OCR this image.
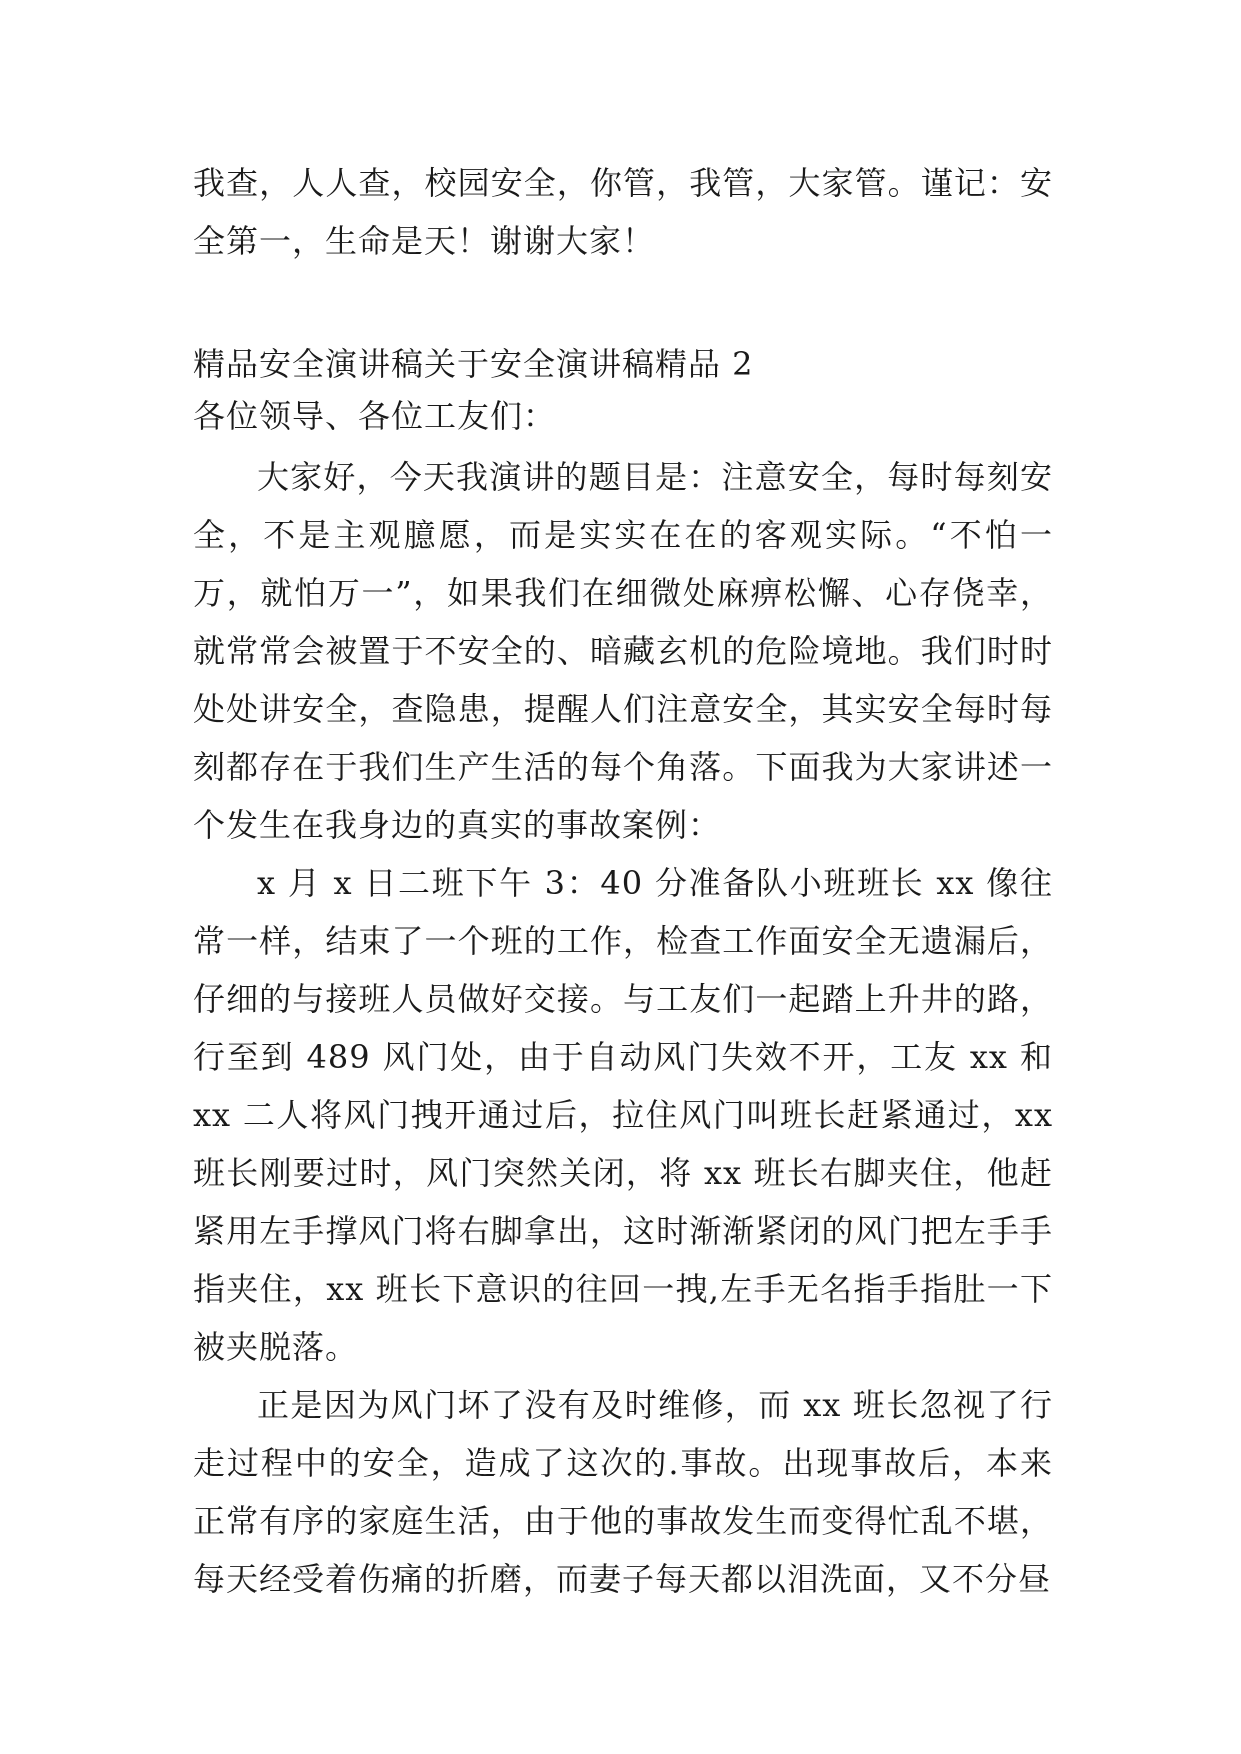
我查，人人查，校园安全，你管，我管，大家管。谨记：安全第一，生命是天！谢谢大家！

精品安全演讲稿关于安全演讲稿精品 2

各位领导、各位工友们：

大家好，今天我演讲的题目是：注意安全，每时每刻安全，不是主观臆愿，而是实实在在的客观实际。“不怕一万，就怕万一”，如果我们在细微处麻痹松懈、心存侥幸，就常常会被置于不安全的、暗藏玄机的危险境地。我们时时处处讲安全，查隐患，提醒人们注意安全，其实安全每时每刻都存在于我们生产生活的每个角落。下面我为大家讲述一个发生在我身边的真实的事故案例：

x 月 x 日二班下午 3：40 分准备队小班班长 xx 像往常一样，结束了一个班的工作，检查工作面安全无遗漏后，仔细的与接班人员做好交接。与工友们一起踏上升井的路，行至到 489 风门处，由于自动风门失效不开，工友 xx 和 xx 二人将风门拽开通过后，拉住风门叫班长赶紧通过，xx 班长刚要过时，风门突然关闭，将 xx 班长右脚夹住，他赶紧用左手撑风门将右脚拿出，这时渐渐紧闭的风门把左手手指夹住，xx 班长下意识的往回一拽,左手无名指手指肚一下被夹脱落。

正是因为风门坏了没有及时维修，而 xx 班长忽视了行走过程中的安全，造成了这次的.事故。出现事故后，本来正常有序的家庭生活，由于他的事故发生而变得忙乱不堪，每天经受着伤痛的折磨，而妻子每天都以泪洗面，又不分昼
